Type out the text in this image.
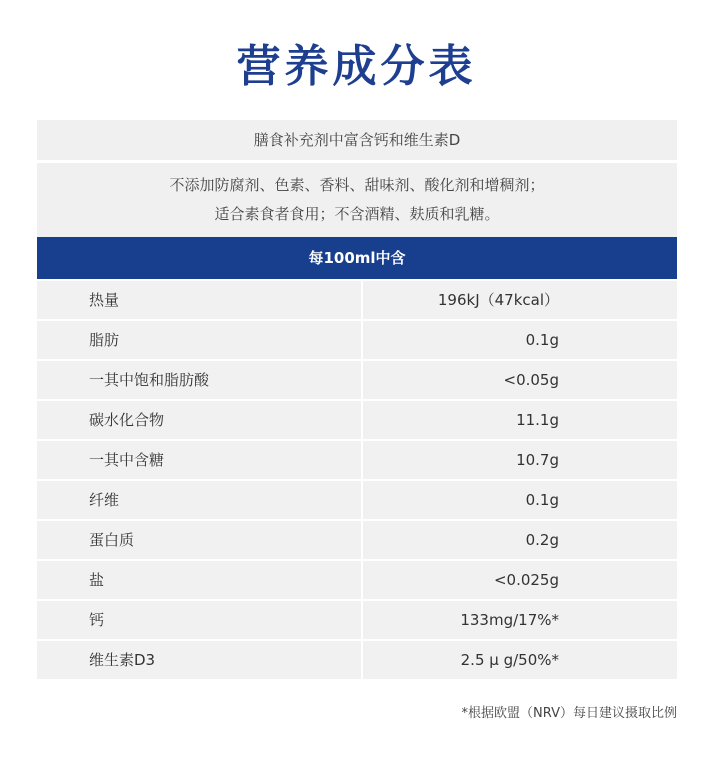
营养成分表
膳食补充剂中富含钙和维生素D
不添加防腐剂、色素、香料、甜味剂、酸化剂和增稠剂；
适合素食者食用；不含酒精、麸质和乳糖。
每100ml中含
热量	196kJ（47kcal）
脂肪	0.1g
一其中饱和脂肪酸	<0.05g
碳水化合物	11.1g
一其中含糖	10.7g
纤维	0.1g
蛋白质	0.2g
盐	<0.025g
钙	133mg/17%*
维生素D3	2.5 μ g/50%*
*根据欧盟（NRV）每日建议摄取比例
